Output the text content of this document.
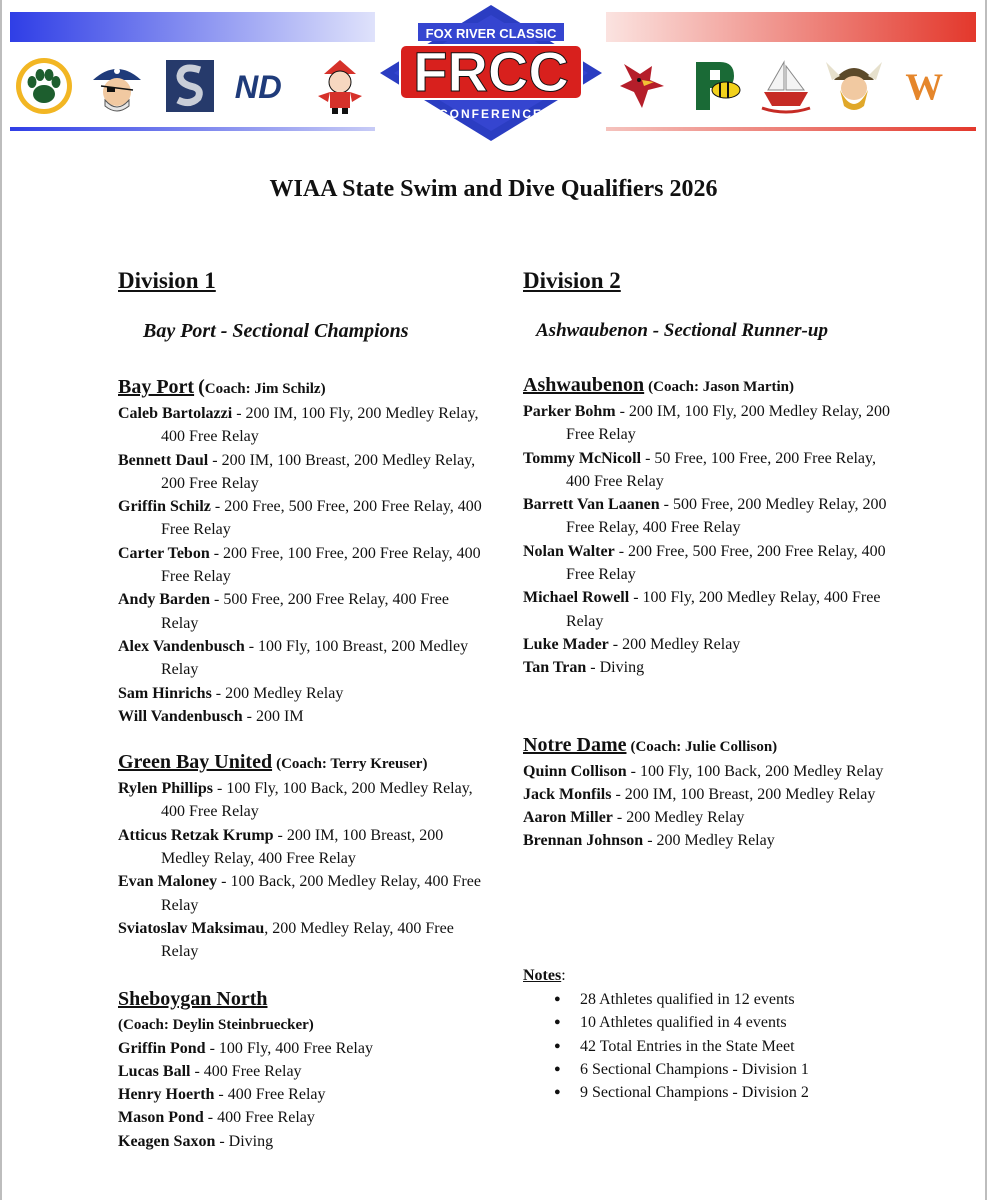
ND
FOX RIVER CLASSIC
FRCC
CONFERENCE
W
WIAA State Swim and Dive Qualifiers 2026
Division 1
Bay Port - Sectional Champions
Bay Port (Coach: Jim Schilz)
Caleb Bartolazzi - 200 IM, 100 Fly, 200 Medley Relay, 400 Free Relay
Bennett Daul - 200 IM, 100 Breast, 200 Medley Relay, 200 Free Relay
Griffin Schilz - 200 Free, 500 Free, 200 Free Relay, 400 Free Relay
Carter Tebon - 200 Free, 100 Free, 200 Free Relay, 400 Free Relay
Andy Barden - 500 Free, 200 Free Relay, 400 Free Relay
Alex Vandenbusch - 100 Fly, 100 Breast, 200 Medley Relay
Sam Hinrichs - 200 Medley Relay
Will Vandenbusch - 200 IM
Green Bay United (Coach: Terry Kreuser)
Rylen Phillips - 100 Fly, 100 Back, 200 Medley Relay, 400 Free Relay
Atticus Retzak Krump - 200 IM, 100 Breast, 200 Medley Relay, 400 Free Relay
Evan Maloney - 100 Back, 200 Medley Relay, 400 Free Relay
Sviatoslav Maksimau, 200 Medley Relay, 400 Free Relay
Sheboygan North
(Coach: Deylin Steinbruecker)
Griffin Pond - 100 Fly, 400 Free Relay
Lucas Ball - 400 Free Relay
Henry Hoerth - 400 Free Relay
Mason Pond - 400 Free Relay
Keagen Saxon - Diving
Division 2
Ashwaubenon - Sectional Runner-up
Ashwaubenon (Coach: Jason Martin)
Parker Bohm - 200 IM, 100 Fly, 200 Medley Relay, 200 Free Relay
Tommy McNicoll - 50 Free, 100 Free, 200 Free Relay, 400 Free Relay
Barrett Van Laanen - 500 Free, 200 Medley Relay, 200 Free Relay, 400 Free Relay
Nolan Walter - 200 Free, 500 Free, 200 Free Relay, 400 Free Relay
Michael Rowell - 100 Fly, 200 Medley Relay, 400 Free Relay
Luke Mader - 200 Medley Relay
Tan Tran - Diving
Notre Dame (Coach: Julie Collison)
Quinn Collison - 100 Fly, 100 Back, 200 Medley Relay
Jack Monfils - 200 IM, 100 Breast, 200 Medley Relay
Aaron Miller - 200 Medley Relay
Brennan Johnson - 200 Medley Relay
Notes:
● 28 Athletes qualified in 12 events
● 10 Athletes qualified in 4 events
● 42 Total Entries in the State Meet
● 6 Sectional Champions - Division 1
● 9 Sectional Champions - Division 2
